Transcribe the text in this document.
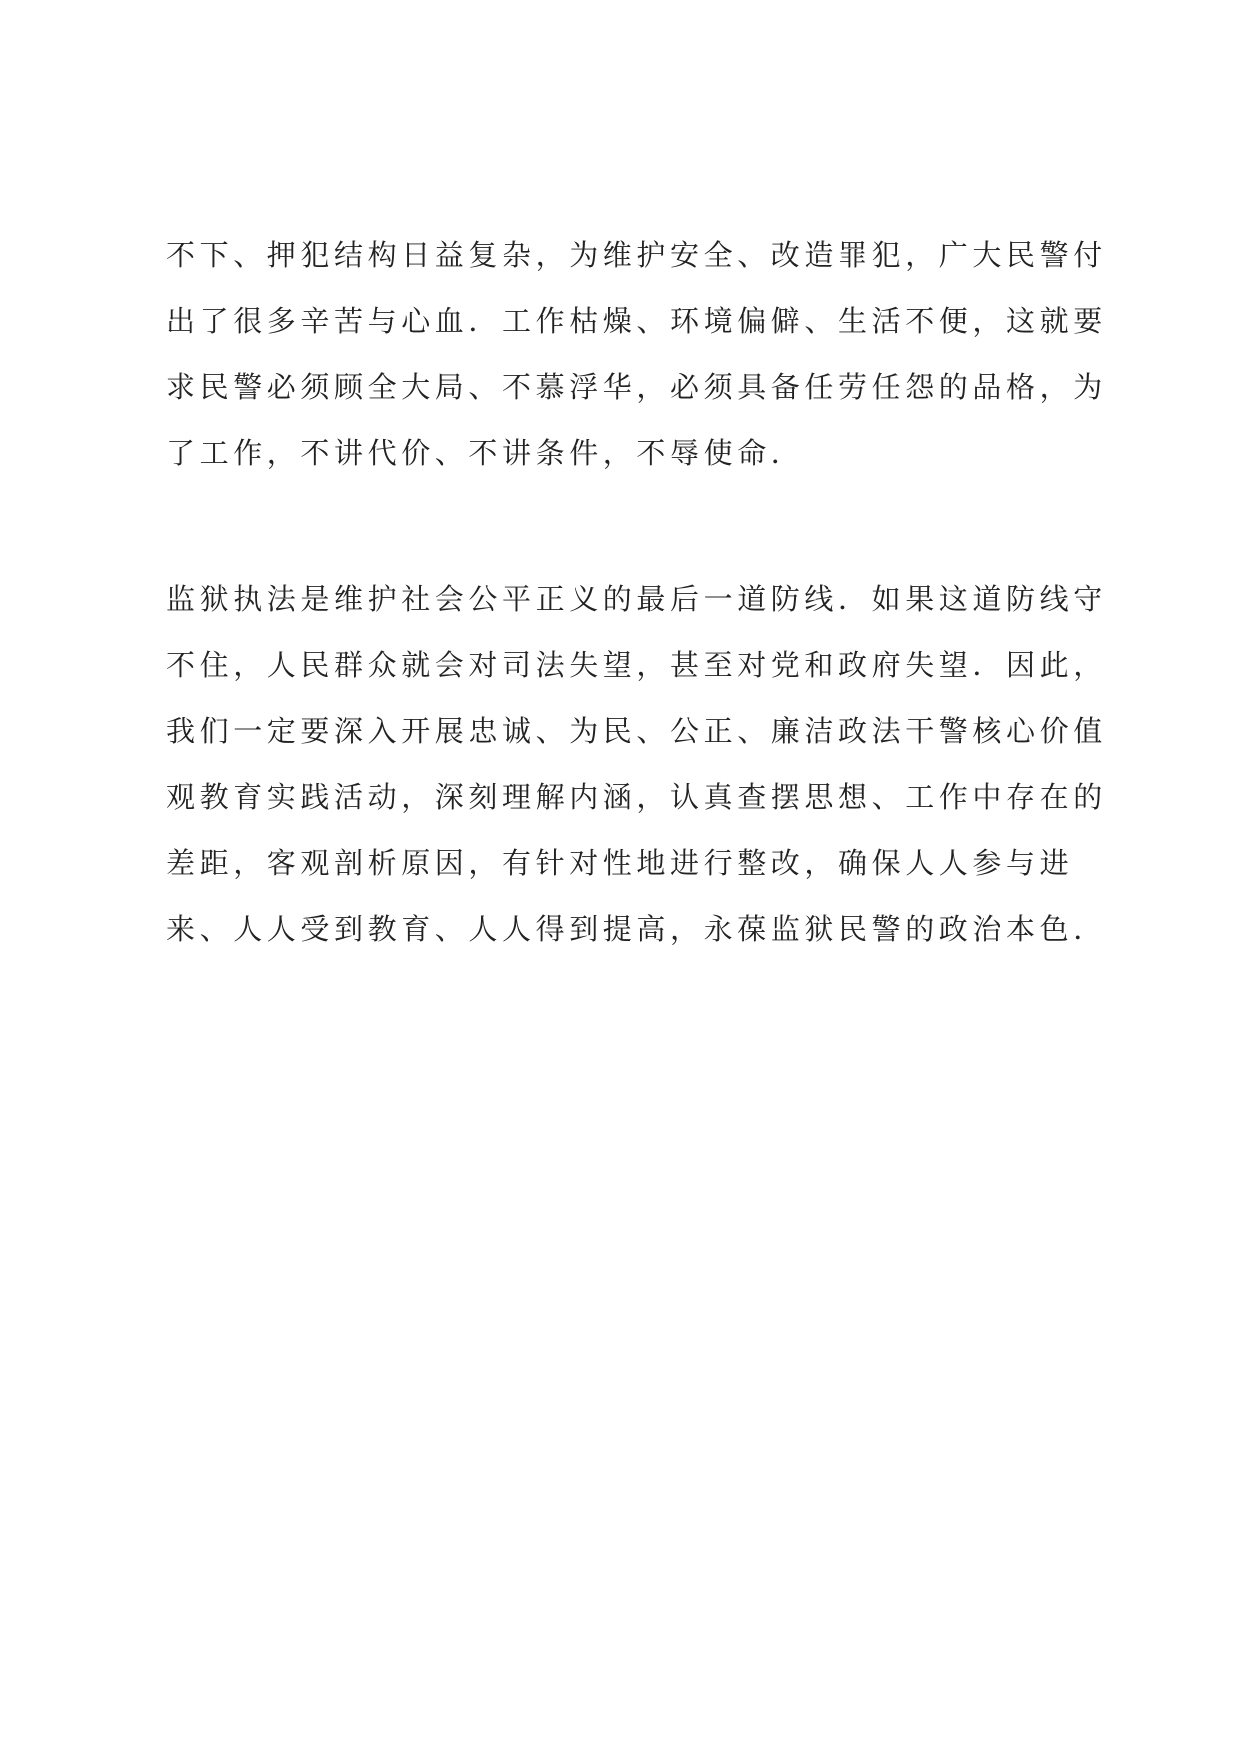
不下、押犯结构日益复杂，为维护安全、改造罪犯，广大民警付
出了很多辛苦与心血．工作枯燥、环境偏僻、生活不便，这就要
求民警必须顾全大局、不慕浮华，必须具备任劳任怨的品格，为
了工作，不讲代价、不讲条件，不辱使命．
监狱执法是维护社会公平正义的最后一道防线．如果这道防线守
不住，人民群众就会对司法失望，甚至对党和政府失望．因此，
我们一定要深入开展忠诚、为民、公正、廉洁政法干警核心价值
观教育实践活动，深刻理解内涵，认真查摆思想、工作中存在的
差距，客观剖析原因，有针对性地进行整改，确保人人参与进
来、人人受到教育、人人得到提高，永葆监狱民警的政治本色．
